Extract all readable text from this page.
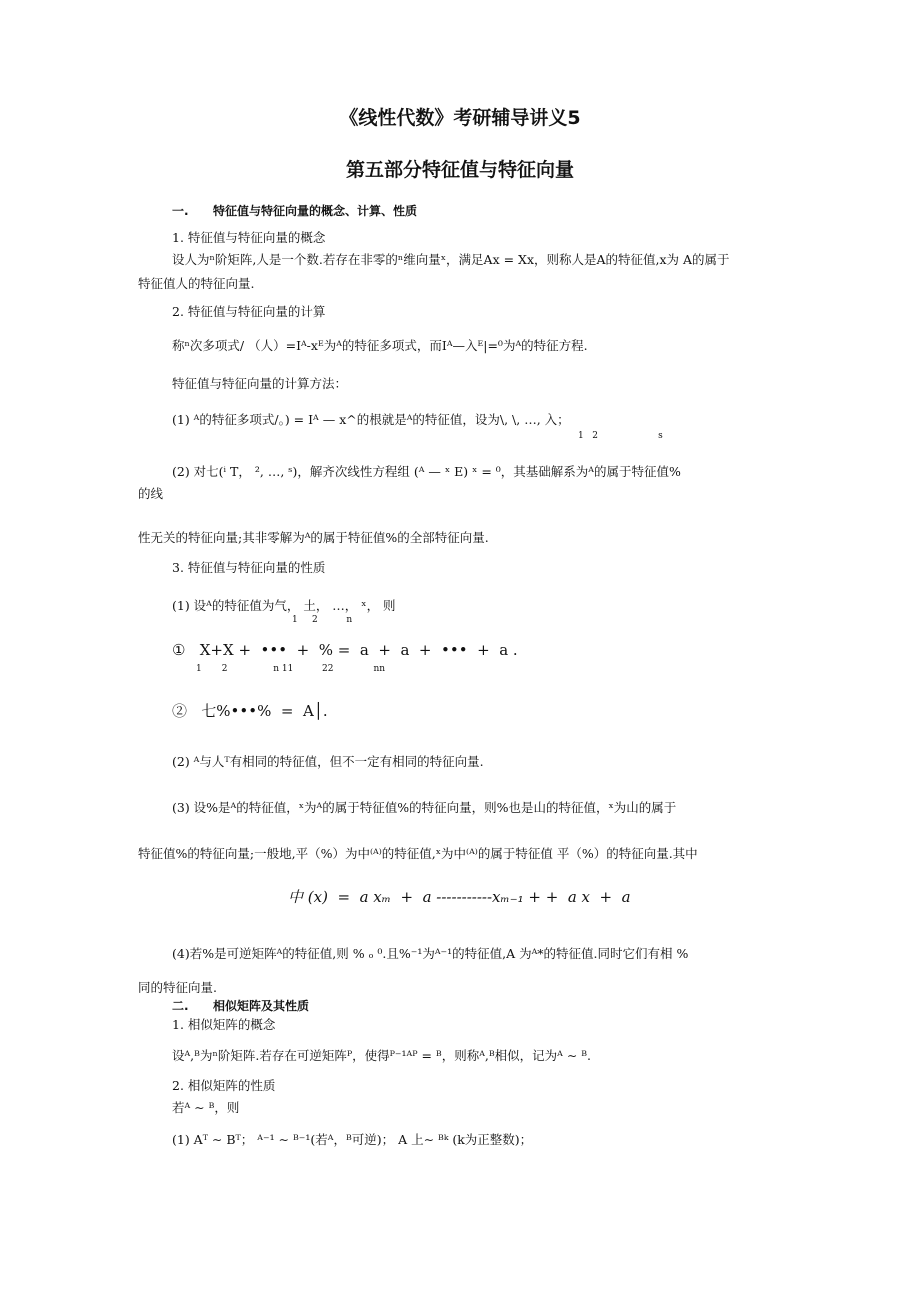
《线性代数》考研辅导讲义5
第五部分特征值与特征向量
一. 特征值与特征向量的概念、计算、性质
1. 特征值与特征向量的概念
设人为ⁿ阶矩阵,人是一个数.若存在非零的ⁿ维向量ˣ，满足Ax = Xx，则称人是A的特征值,x为 A的属于
特征值人的特征向量.
2. 特征值与特征向量的计算
称ⁿ次多项式/ （人）=Iᴬ-xᴱ为ᴬ的特征多项式，而Iᴬ—入ᴱ|=⁰为ᴬ的特征方程.
特征值与特征向量的计算方法：
(1) ᴬ的特征多项式/。) = Iᴬ — x^的根就是ᴬ的特征值，设为\, \, …, 入；
1   2                     s
(2) 对七(ⁱ T， ², …, ˢ)，解齐次线性方程组 (ᴬ — ˣ E) ˣ = ⁰，其基础解系为ᴬ的属于特征值%
的线
性无关的特征向量;其非零解为ᴬ的属于特征值%的全部特征向量.
3. 特征值与特征向量的性质
(1) 设ᴬ的特征值为气， 土， …， ˣ， 则
1     2          n
①   X+X +  •••  +  % =  a  +  a  +  •••  +  a .
1       2                n 11          22              nn
②   七%•••%  =  A│.
(2) ᴬ与人ᵀ有相同的特征值，但不一定有相同的特征向量.
(3) 设%是ᴬ的特征值，ˣ为ᴬ的属于特征值%的特征向量，则%也是山的特征值，ˣ为山的属于
特征值%的特征向量;一般地,平（%）为中⁽ᴬ⁾的特征值,ˣ为中⁽ᴬ⁾的属于特征值 平（%）的特征向量.其中
中 (x)  =  a xₘ  +  a -----------xₘ₋₁ + +  a x  +  a
(4)若%是可逆矩阵ᴬ的特征值,则 % ₒ ⁰.且%⁻¹为ᴬ⁻¹的特征值,A 为ᴬ*的特征值.同时它们有相 %
同的特征向量.
二. 相似矩阵及其性质
1. 相似矩阵的概念
设ᴬ,ᴮ为ⁿ阶矩阵.若存在可逆矩阵ᴾ，使得ᴾ⁻¹ᴬᴾ = ᴮ，则称ᴬ,ᴮ相似，记为ᴬ ∼ ᴮ.
2. 相似矩阵的性质
若ᴬ ∼ ᴮ，则
(1) Aᵀ ∼ Bᵀ； ᴬ⁻¹ ∼ ᴮ⁻¹(若ᴬ，ᴮ可逆)； A 上∼ ᴮᵏ (k为正整数)；
